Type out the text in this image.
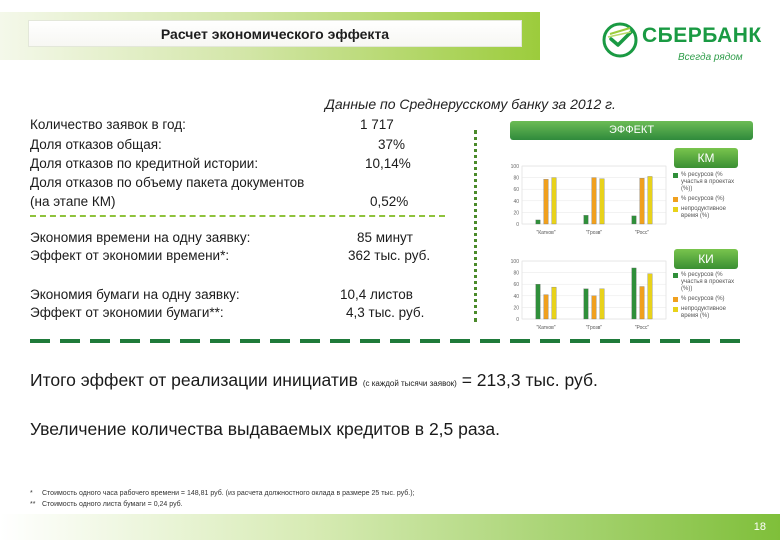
Расчет экономического эффекта	СБЕРБАНК
Всегда рядом
Данные по Среднерусскому банку за 2012 г.
Количество заявок в год:	1 717
Доля отказов общая:	37%
Доля отказов по кредитной истории:	10,14%
Доля отказов по объему пакета документов
(на этапе КМ)	0,52%
Экономия времени на одну заявку:	85 минут
Эффект от экономии времени*:	362 тыс. руб.
Экономия бумаги на одну заявку:	10,4 листов
Эффект от экономии бумаги**:	4,3 тыс. руб.
ЭФФЕКТ
КМ
КИ
100
80
60
40
20
0
"Катков"	"Грозв"	"Росс"
% ресурсов (% участья в проектах (%))
% ресурсов (%)
непродуктивное время (%)
100
80
60
40
20
0
"Катков"	"Грозв"	"Росс"
% ресурсов (% участья в проектах (%))
% ресурсов (%)
непродуктивное время (%)
Итого эффект от реализации инициатив (с каждой тысячи заявок) = 213,3 тыс. руб.
Увеличение количества выдаваемых кредитов в 2,5 раза.
* Стоимость одного часа рабочего времени = 148,81 руб. (из расчета должностного оклада в размере 25 тыс. руб.);
** Стоимость одного листа бумаги = 0,24 руб.
18
